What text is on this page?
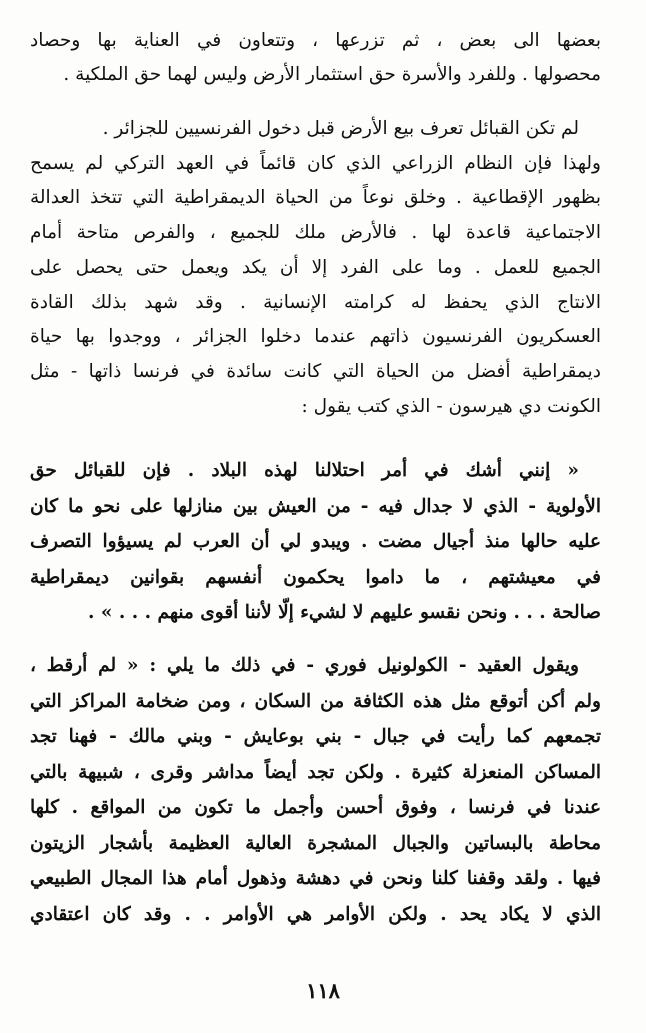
بعضها الى بعض ، ثم تزرعها ، وتتعاون في العناية بها وحصاد
محصولها . وللفرد والأسرة حق استثمار الأرض وليس لهما حق الملكية .
لم تكن القبائل تعرف بيع الأرض قبل دخول الفرنسيين للجزائر .
ولهذا فإن النظام الزراعي الذي كان قائماً في العهد التركي لم يسمح
بظهور الإقطاعية . وخلق نوعاً من الحياة الديمقراطية التي تتخذ العدالة
الاجتماعية قاعدة لها . فالأرض ملك للجميع ، والفرص متاحة أمام
الجميع للعمل . وما على الفرد إلا أن يكد ويعمل حتى يحصل على
الانتاج الذي يحفظ له كرامته الإنسانية . وقد شهد بذلك القادة
العسكريون الفرنسيون ذاتهم عندما دخلوا الجزائر ، ووجدوا بها حياة
ديمقراطية أفضل من الحياة التي كانت سائدة في فرنسا ذاتها - مثل
الكونت دي هيرسون - الذي كتب يقول :
« إنني أشك في أمر احتلالنا لهذه البلاد . فإن للقبائل حق
الأولوية - الذي لا جدال فيه - من العيش بين منازلها على نحو ما كان
عليه حالها منذ أجيال مضت . ويبدو لي أن العرب لم يسيؤوا التصرف
في معيشتهم ، ما داموا يحكمون أنفسهم بقوانين ديمقراطية
صالحة . . . ونحن نقسو عليهم لا لشيء إلّا لأننا أقوى منهم . . . » .
ويقول العقيد - الكولونيل فوري - في ذلك ما يلي : « لم أرقط ،
ولم أكن أتوقع مثل هذه الكثافة من السكان ، ومن ضخامة المراكز التي
تجمعهم كما رأيت في جبال - بني بوعايش - وبني مالك - فهنا تجد
المساكن المنعزلة كثيرة . ولكن تجد أيضاً مداشر وقرى ، شبيهة بالتي
عندنا في فرنسا ، وفوق أحسن وأجمل ما تكون من المواقع . كلها
محاطة بالبساتين والجبال المشجرة العالية العظيمة بأشجار الزيتون
فيها . ولقد وقفنا كلنا ونحن في دهشة وذهول أمام هذا المجال الطبيعي
الذي لا يكاد يحد . ولكن الأوامر هي الأوامر . . وقد كان اعتقادي
١١٨
